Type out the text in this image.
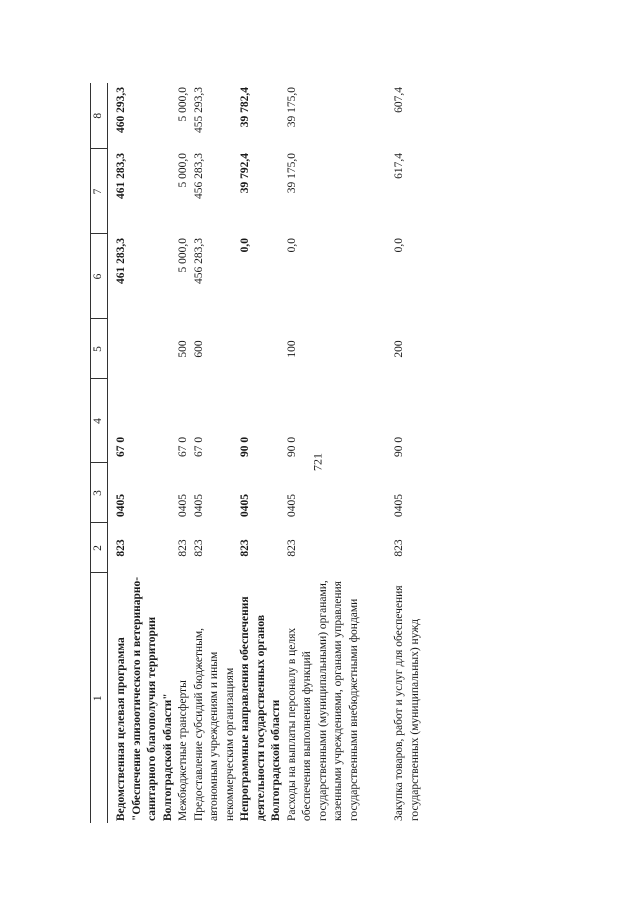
721
1	2	3	4	5	6	7	8
Ведомственная целевая программа "Обеспечение эпизоотического и ветеринарно-санитарного благополучия территории Волгоградской области"	823	0405	67 0		461 283,3	461 283,3	460 293,3
Межбюджетные трансферты	823	0405	67 0	500	5 000,0	5 000,0	5 000,0
Предоставление субсидий бюджетным, автономным учреждениям и иным некоммерческим организациям	823	0405	67 0	600	456 283,3	456 283,3	455 293,3
Непрограммные направления обеспечения деятельности государственных органов Волгоградской области	823	0405	90 0		0,0	39 792,4	39 782,4
Расходы на выплаты персоналу в целях обеспечения выполнения функций государственными (муниципальными) органами, казенными учреждениями, органами управления государственными внебюджетными фондами	823	0405	90 0	100	0,0	39 175,0	39 175,0
Закупка товаров, работ и услуг для обеспечения государственных (муниципальных) нужд	823	0405	90 0	200	0,0	617,4	607,4
